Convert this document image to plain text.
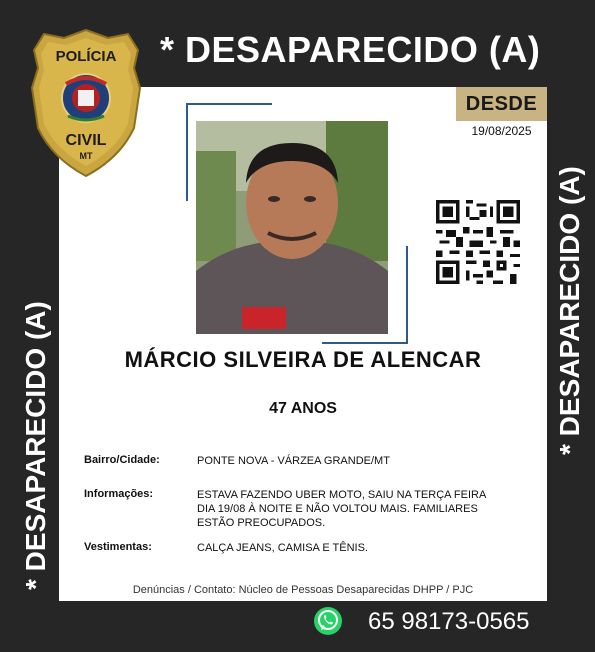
* DESAPARECIDO (A)
* DESAPARECIDO (A)	* DESAPARECIDO (A)
POLÍCIA
CIVIL
MT
DESDE
19/08/2025
MÁRCIO SILVEIRA DE ALENCAR
47 ANOS
Bairro/Cidade:	PONTE NOVA - VÁRZEA GRANDE/MT
Informações:	ESTAVA FAZENDO UBER MOTO, SAIU NA TERÇA FEIRA
DIA 19/08 À NOITE E NÃO VOLTOU MAIS. FAMILIARES
ESTÃO PREOCUPADOS.
Vestimentas:	CALÇA JEANS, CAMISA E TÊNIS.
Denúncias / Contato: Núcleo de Pessoas Desaparecidas DHPP / PJC
65 98173-0565
